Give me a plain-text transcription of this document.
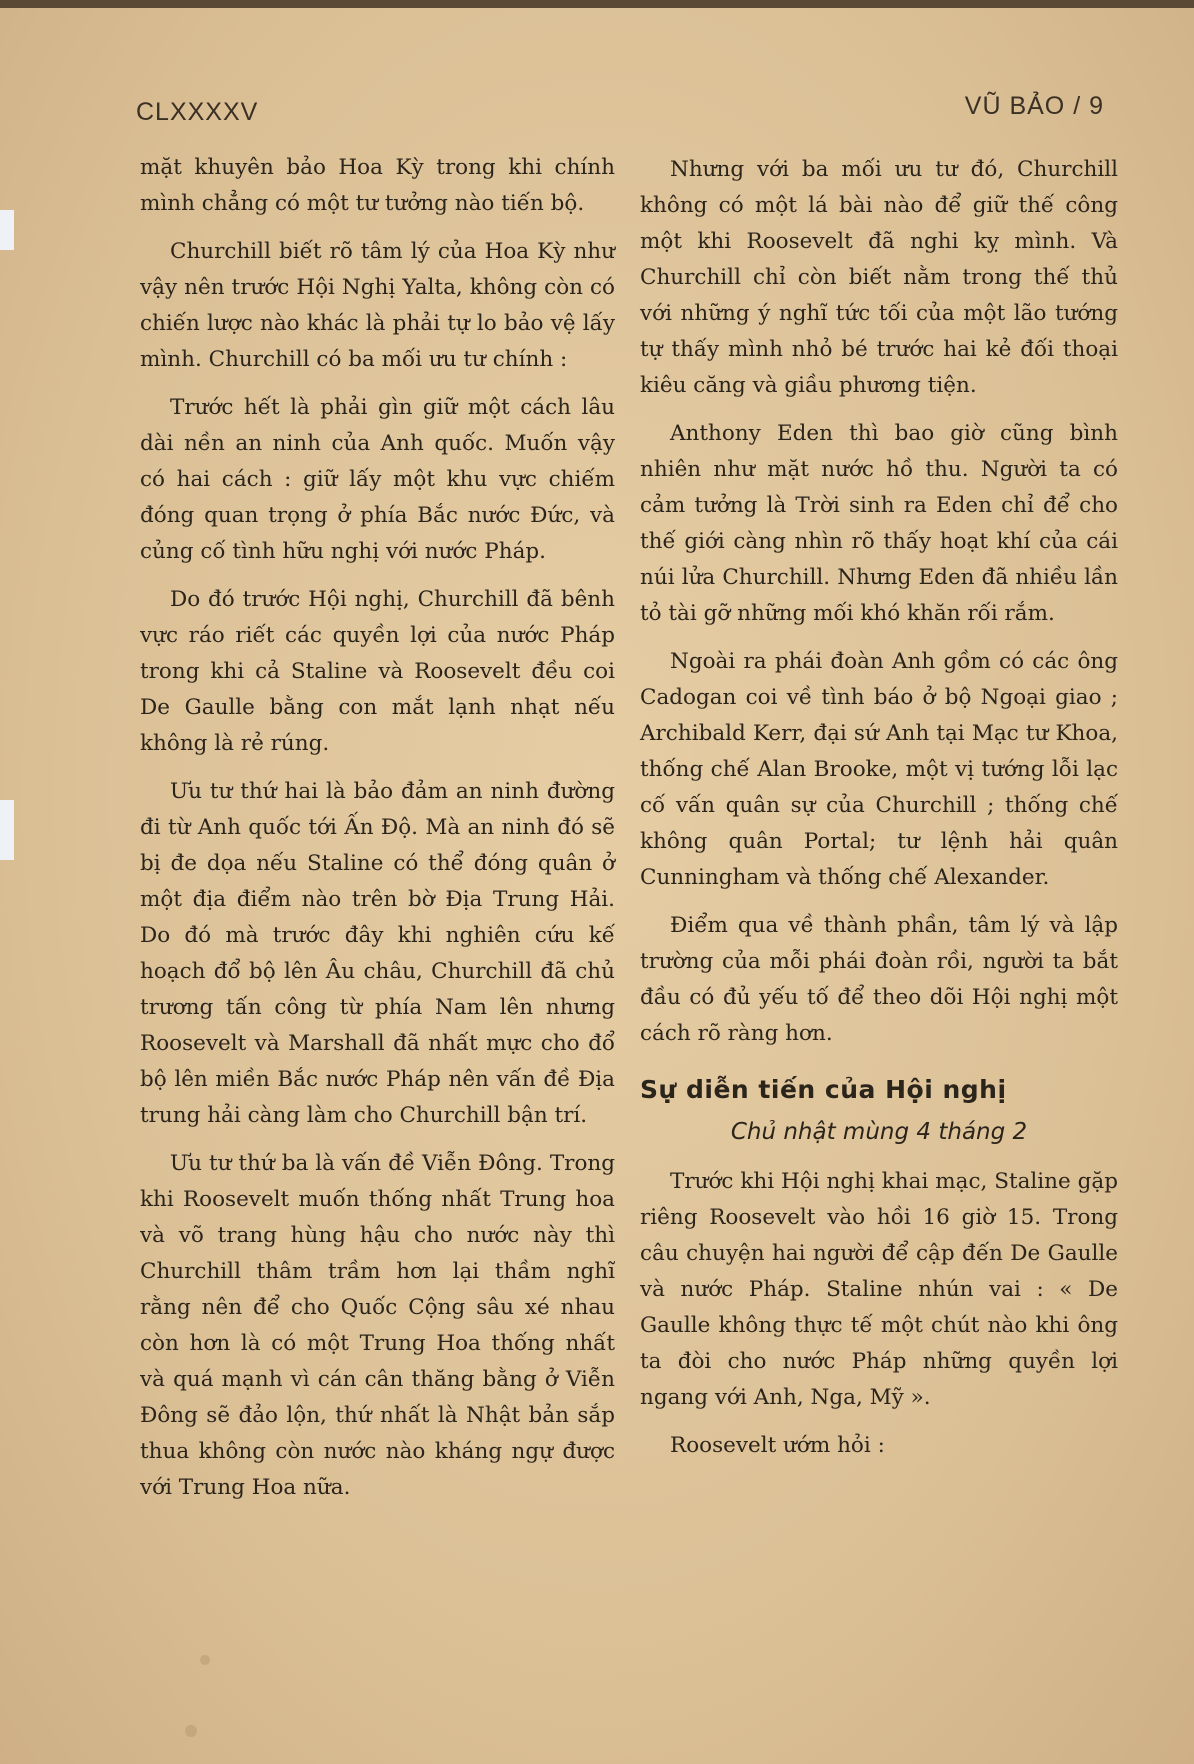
CLXXXXV	VŨ BẢO / 9

mặt khuyên bảo Hoa Kỳ trong khi chính mình chẳng có một tư tưởng nào tiến bộ.

Churchill biết rõ tâm lý của Hoa Kỳ như vậy nên trước Hội Nghị Yalta, không còn có chiến lược nào khác là phải tự lo bảo vệ lấy mình. Churchill có ba mối ưu tư chính :

Trước hết là phải gìn giữ một cách lâu dài nền an ninh của Anh quốc. Muốn vậy có hai cách : giữ lấy một khu vực chiếm đóng quan trọng ở phía Bắc nước Đức, và củng cố tình hữu nghị với nước Pháp.

Do đó trước Hội nghị, Churchill đã bênh vực ráo riết các quyền lợi của nước Pháp trong khi cả Staline và Roosevelt đều coi De Gaulle bằng con mắt lạnh nhạt nếu không là rẻ rúng.

Ưu tư thứ hai là bảo đảm an ninh đường đi từ Anh quốc tới Ấn Độ. Mà an ninh đó sẽ bị đe dọa nếu Staline có thể đóng quân ở một địa điểm nào trên bờ Địa Trung Hải. Do đó mà trước đây khi nghiên cứu kế hoạch đổ bộ lên Âu châu, Churchill đã chủ trương tấn công từ phía Nam lên nhưng Roosevelt và Marshall đã nhất mực cho đổ bộ lên miền Bắc nước Pháp nên vấn đề Địa trung hải càng làm cho Churchill bận trí.

Ưu tư thứ ba là vấn đề Viễn Đông. Trong khi Roosevelt muốn thống nhất Trung hoa và võ trang hùng hậu cho nước này thì Churchill thâm trầm hơn lại thầm nghĩ rằng nên để cho Quốc Cộng sâu xé nhau còn hơn là có một Trung Hoa thống nhất và quá mạnh vì cán cân thăng bằng ở Viễn Đông sẽ đảo lộn, thứ nhất là Nhật bản sắp thua không còn nước nào kháng ngự được với Trung Hoa nữa.

Nhưng với ba mối ưu tư đó, Churchill không có một lá bài nào để giữ thế công một khi Roosevelt đã nghi kỵ mình. Và Churchill chỉ còn biết nằm trong thế thủ với những ý nghĩ tức tối của một lão tướng tự thấy mình nhỏ bé trước hai kẻ đối thoại kiêu căng và giầu phương tiện.

Anthony Eden thì bao giờ cũng bình nhiên như mặt nước hồ thu. Người ta có cảm tưởng là Trời sinh ra Eden chỉ để cho thế giới càng nhìn rõ thấy hoạt khí của cái núi lửa Churchill. Nhưng Eden đã nhiều lần tỏ tài gỡ những mối khó khăn rối rắm.

Ngoài ra phái đoàn Anh gồm có các ông Cadogan coi về tình báo ở bộ Ngoại giao ; Archibald Kerr, đại sứ Anh tại Mạc tư Khoa, thống chế Alan Brooke, một vị tướng lỗi lạc cố vấn quân sự của Churchill ; thống chế không quân Portal; tư lệnh hải quân Cunningham và thống chế Alexander.

Điểm qua về thành phần, tâm lý và lập trường của mỗi phái đoàn rồi, người ta bắt đầu có đủ yếu tố để theo dõi Hội nghị một cách rõ ràng hơn.

Sự diễn tiến của Hội nghị
Chủ nhật mùng 4 tháng 2

Trước khi Hội nghị khai mạc, Staline gặp riêng Roosevelt vào hồi 16 giờ 15. Trong câu chuyện hai người để cập đến De Gaulle và nước Pháp. Staline nhún vai : « De Gaulle không thực tế một chút nào khi ông ta đòi cho nước Pháp những quyền lợi ngang với Anh, Nga, Mỹ ».

Roosevelt ướm hỏi :
